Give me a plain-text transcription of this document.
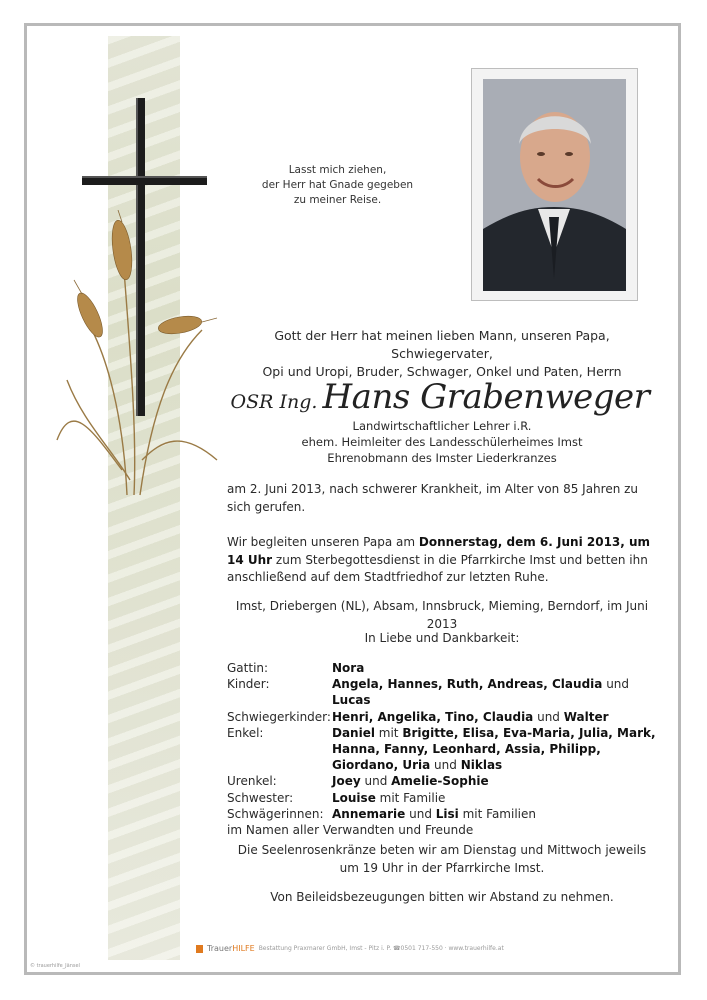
Lasst mich ziehen,
der Herr hat Gnade gegeben
zu meiner Reise.
Gott der Herr hat meinen lieben Mann, unseren Papa, Schwiegervater,
Opi und Uropi, Bruder, Schwager, Onkel und Paten, Herrn
OSR Ing. Hans Grabenweger
Landwirtschaftlicher Lehrer i.R.
ehem. Heimleiter des Landesschülerheimes Imst
Ehrenobmann des Imster Liederkranzes
am 2. Juni 2013, nach schwerer Krankheit, im Alter von 85 Jahren zu sich gerufen.
Wir begleiten unseren Papa am Donnerstag, dem 6. Juni 2013, um 14 Uhr zum Sterbegottesdienst in die Pfarrkirche Imst und betten ihn anschließend auf dem Stadtfriedhof zur letzten Ruhe.
Imst, Driebergen (NL), Absam, Innsbruck, Mieming, Berndorf, im Juni 2013
In Liebe und Dankbarkeit:
Gattin:	Nora
Kinder:	Angela, Hannes, Ruth, Andreas, Claudia und Lucas
Schwiegerkinder: Henri, Angelika, Tino, Claudia und Walter
Enkel:	Daniel mit Brigitte, Elisa, Eva-Maria, Julia, Mark, Hanna, Fanny, Leonhard, Assia, Philipp, Giordano, Uria und Niklas
Urenkel:	Joey und Amelie-Sophie
Schwester:	Louise mit Familie
Schwägerinnen: Annemarie und Lisi mit Familien
im Namen aller Verwandten und Freunde
Die Seelenrosenkränze beten wir am Dienstag und Mittwoch jeweils
um 19 Uhr in der Pfarrkirche Imst.
Von Beileidsbezeugungen bitten wir Abstand zu nehmen.
TrauerHILFE Bestattung Praxmarer GmbH, Imst - Pitz i. P. ☎0501 717-550 · www.trauerhilfe.at
© trauerhilfe_Jänsel
